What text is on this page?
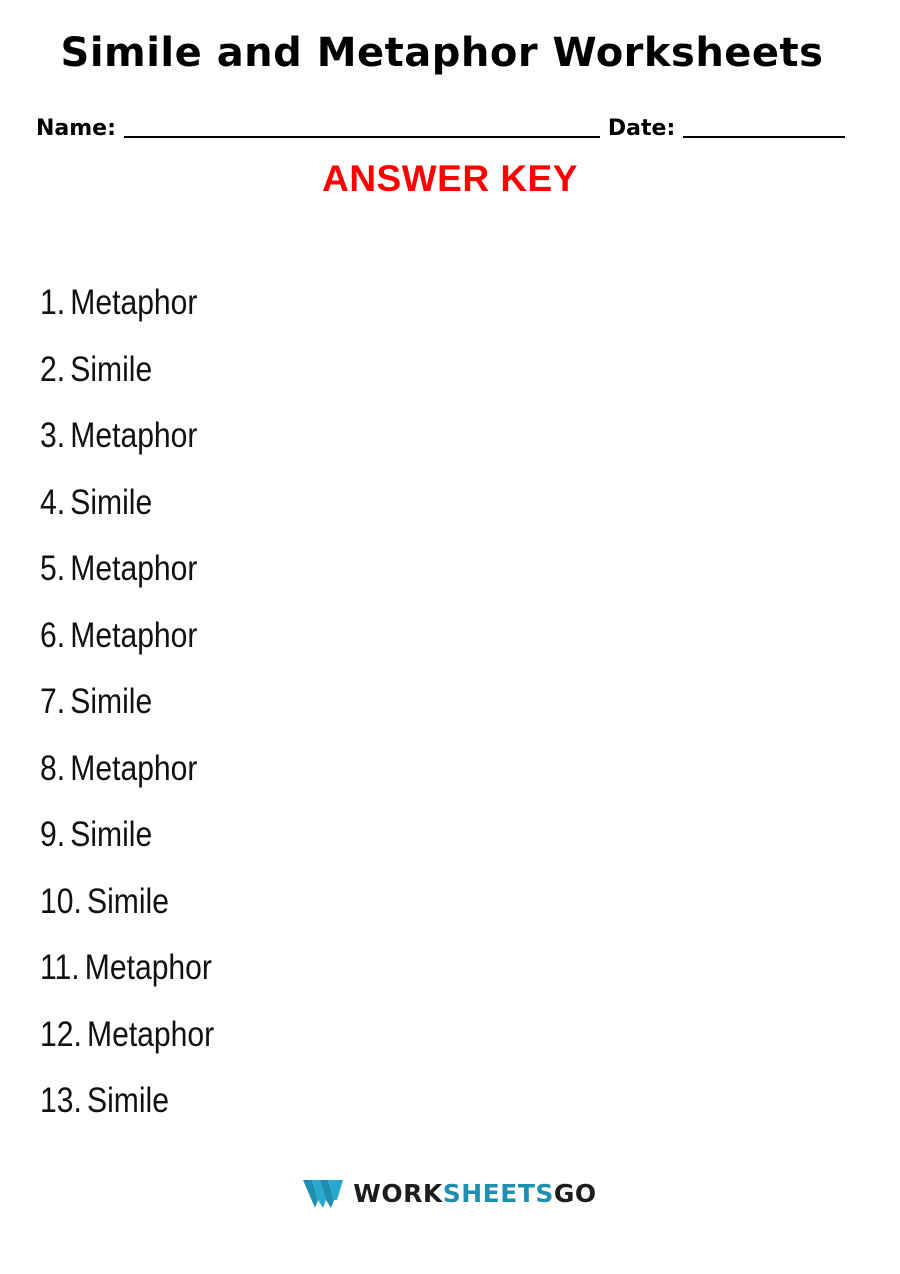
Simile and Metaphor Worksheets
Name:	Date:
ANSWER KEY
1. Metaphor
2. Simile
3. Metaphor
4. Simile
5. Metaphor
6. Metaphor
7. Simile
8. Metaphor
9. Simile
10. Simile
11. Metaphor
12. Metaphor
13. Simile
WORKSHEETSGO
